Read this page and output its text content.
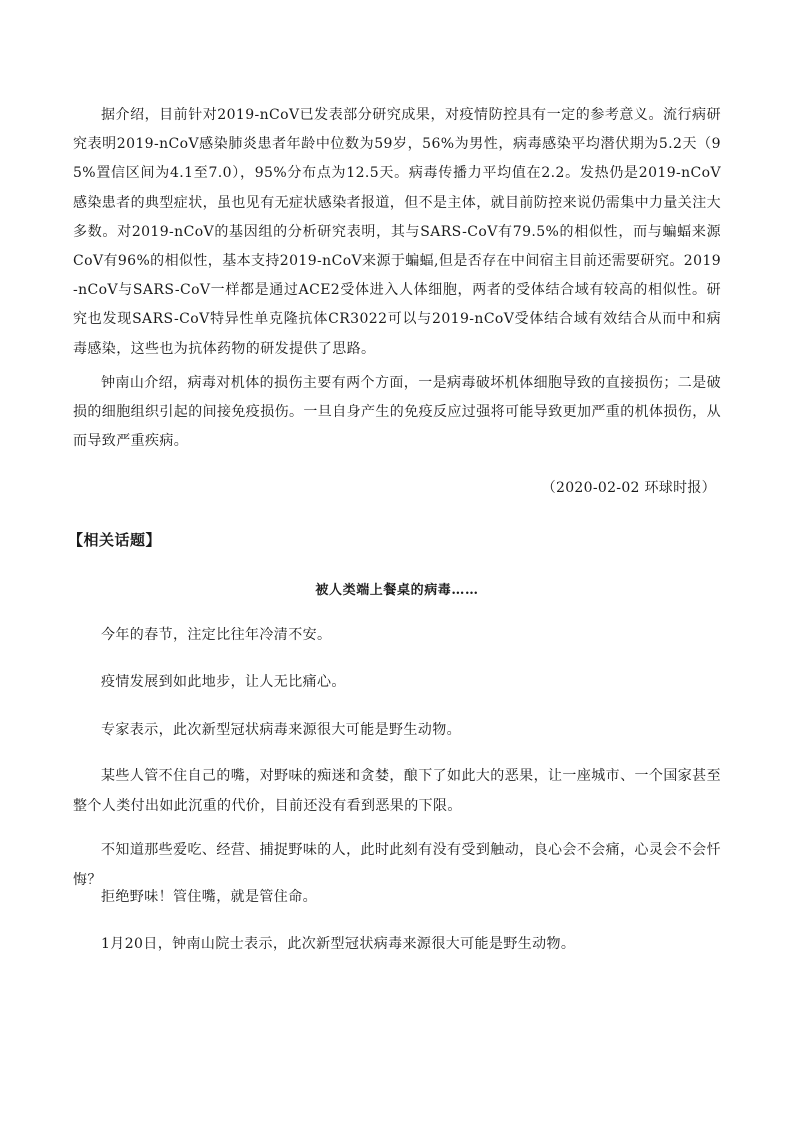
据介绍，目前针对2019-nCoV已发表部分研究成果，对疫情防控具有一定的参考意义。流行病研究表明2019-nCoV感染肺炎患者年龄中位数为59岁，56%为男性，病毒感染平均潜伏期为5.2天（95%置信区间为4.1至7.0），95%分布点为12.5天。病毒传播力平均值在2.2。发热仍是2019-nCoV感染患者的典型症状，虽也见有无症状感染者报道，但不是主体，就目前防控来说仍需集中力量关注大多数。对2019-nCoV的基因组的分析研究表明，其与SARS-CoV有79.5%的相似性，而与蝙蝠来源CoV有96%的相似性，基本支持2019-nCoV来源于蝙蝠,但是否存在中间宿主目前还需要研究。2019-nCoV与SARS-CoV一样都是通过ACE2受体进入人体细胞，两者的受体结合域有较高的相似性。研究也发现SARS-CoV特异性单克隆抗体CR3022可以与2019-nCoV受体结合域有效结合从而中和病毒感染，这些也为抗体药物的研发提供了思路。

钟南山介绍，病毒对机体的损伤主要有两个方面，一是病毒破坏机体细胞导致的直接损伤；二是破损的细胞组织引起的间接免疫损伤。一旦自身产生的免疫反应过强将可能导致更加严重的机体损伤，从而导致严重疾病。

（2020-02-02 环球时报）

【相关话题】
被人类端上餐桌的病毒……

今年的春节，注定比往年冷清不安。

疫情发展到如此地步，让人无比痛心。

专家表示，此次新型冠状病毒来源很大可能是野生动物。

某些人管不住自己的嘴，对野味的痴迷和贪婪，酿下了如此大的恶果，让一座城市、一个国家甚至整个人类付出如此沉重的代价，目前还没有看到恶果的下限。

不知道那些爱吃、经营、捕捉野味的人，此时此刻有没有受到触动，良心会不会痛，心灵会不会忏悔？

拒绝野味！管住嘴，就是管住命。

1月20日，钟南山院士表示，此次新型冠状病毒来源很大可能是野生动物。
